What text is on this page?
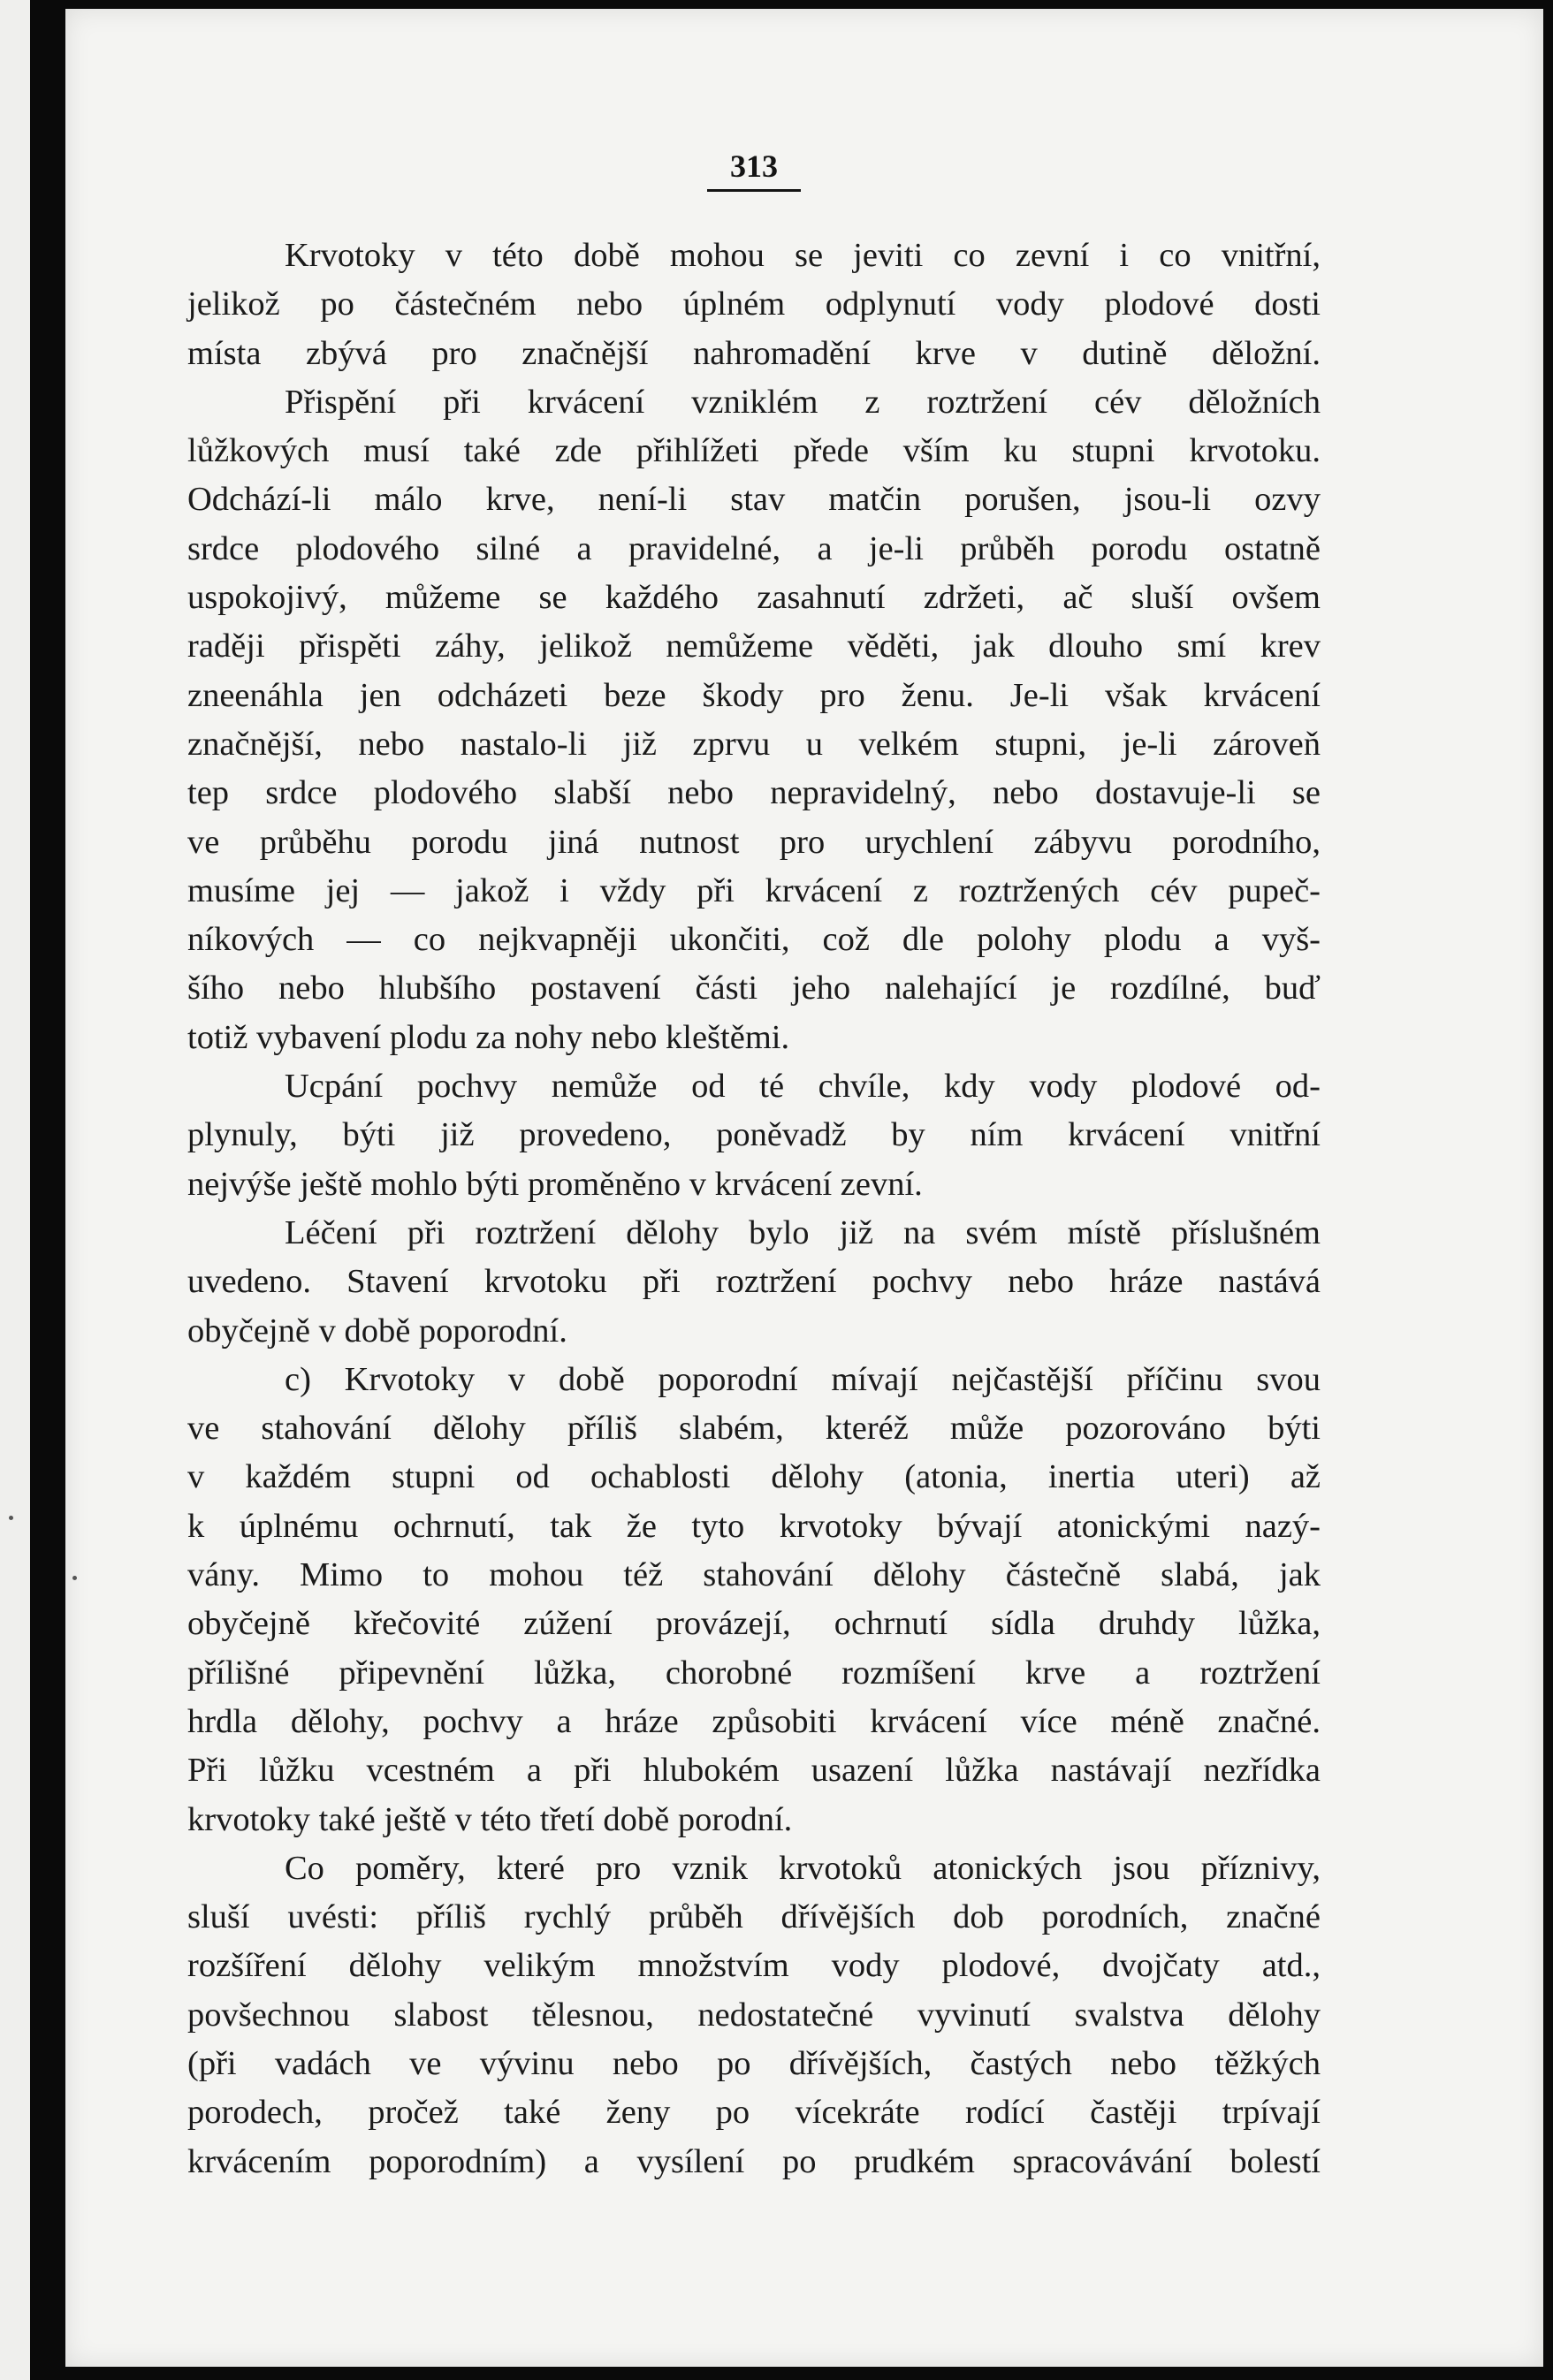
313
Krvotoky v této době mohou se jeviti co zevní i co vnitřní,
jelikož po částečném nebo úplném odplynutí vody plodové dosti
místa zbývá pro značnější nahromadění krve v dutině děložní.
Přispění při krvácení vzniklém z roztržení cév děložních
lůžkových musí také zde přihlížeti přede vším ku stupni krvotoku.
Odchází-li málo krve, není-li stav matčin porušen, jsou-li ozvy
srdce plodového silné a pravidelné, a je-li průběh porodu ostatně
uspokojivý, můžeme se každého zasahnutí zdržeti, ač sluší ovšem
raději přispěti záhy, jelikož nemůžeme věděti, jak dlouho smí krev
zneenáhla jen odcházeti beze škody pro ženu. Je-li však krvácení
značnější, nebo nastalo-li již zprvu u velkém stupni, je-li zároveň
tep srdce plodového slabší nebo nepravidelný, nebo dostavuje-li se
ve průběhu porodu jiná nutnost pro urychlení zábyvu porodního,
musíme jej — jakož i vždy při krvácení z roztržených cév pupeč-
níkových — co nejkvapněji ukončiti, což dle polohy plodu a vyš-
šího nebo hlubšího postavení části jeho nalehající je rozdílné, buď
totiž vybavení plodu za nohy nebo kleštěmi.
Ucpání pochvy nemůže od té chvíle, kdy vody plodové od-
plynuly, býti již provedeno, poněvadž by ním krvácení vnitřní
nejvýše ještě mohlo býti proměněno v krvácení zevní.
Léčení při roztržení dělohy bylo již na svém místě příslušném
uvedeno. Stavení krvotoku při roztržení pochvy nebo hráze nastává
obyčejně v době poporodní.
c) Krvotoky v době poporodní mívají nejčastější příčinu svou
ve stahování dělohy příliš slabém, kteréž může pozorováno býti
v každém stupni od ochablosti dělohy (atonia, inertia uteri) až
k úplnému ochrnutí, tak že tyto krvotoky bývají atonickými nazý-
vány. Mimo to mohou též stahování dělohy částečně slabá, jak
obyčejně křečovité zúžení provázejí, ochrnutí sídla druhdy lůžka,
přílišné připevnění lůžka, chorobné rozmíšení krve a roztržení
hrdla dělohy, pochvy a hráze způsobiti krvácení více méně značné.
Při lůžku vcestném a při hlubokém usazení lůžka nastávají nezřídka
krvotoky také ještě v této třetí době porodní.
Co poměry, které pro vznik krvotoků atonických jsou příznivy,
sluší uvésti: příliš rychlý průběh dřívějších dob porodních, značné
rozšíření dělohy velikým množstvím vody plodové, dvojčaty atd.,
povšechnou slabost tělesnou, nedostatečné vyvinutí svalstva dělohy
(při vadách ve vývinu nebo po dřívějších, častých nebo těžkých
porodech, pročež také ženy po vícekráte rodící častěji trpívají
krvácením poporodním) a vysílení po prudkém spracovávání bolestí
